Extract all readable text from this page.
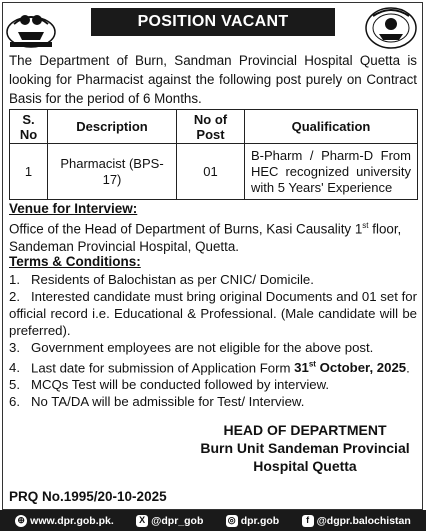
POSITION VACANT
The Department of Burn, Sandman Provincial Hospital Quetta is looking for Pharmacist against the following post purely on Contract Basis for the period of 6 Months.
S. No	Description	No of Post	Qualification
1	Pharmacist (BPS-17)	01	B-Pharm / Pharm-D From HEC recognized university with 5 Years' Experience
Venue for Interview:
Office of the Head of Department of Burns, Kasi Causality 1st floor, Sandeman Provincial Hospital, Quetta.
Terms & Conditions:
1. Residents of Balochistan as per CNIC/ Domicile.
2. Interested candidate must bring original Documents and 01 set for official record i.e. Educational & Professional. (Male candidate will be preferred).
3. Government employees are not eligible for the above post.
4. Last date for submission of Application Form 31st October, 2025.
5. MCQs Test will be conducted followed by interview.
6. No TA/DA will be admissible for Test/ Interview.
HEAD OF DEPARTMENT
Burn Unit Sandeman Provincial
Hospital Quetta
PRQ No.1995/20-10-2025
⊕ www.dpr.gob.pk.	X @dpr_gob	◎ dpr.gob	f @dgpr.balochistan
